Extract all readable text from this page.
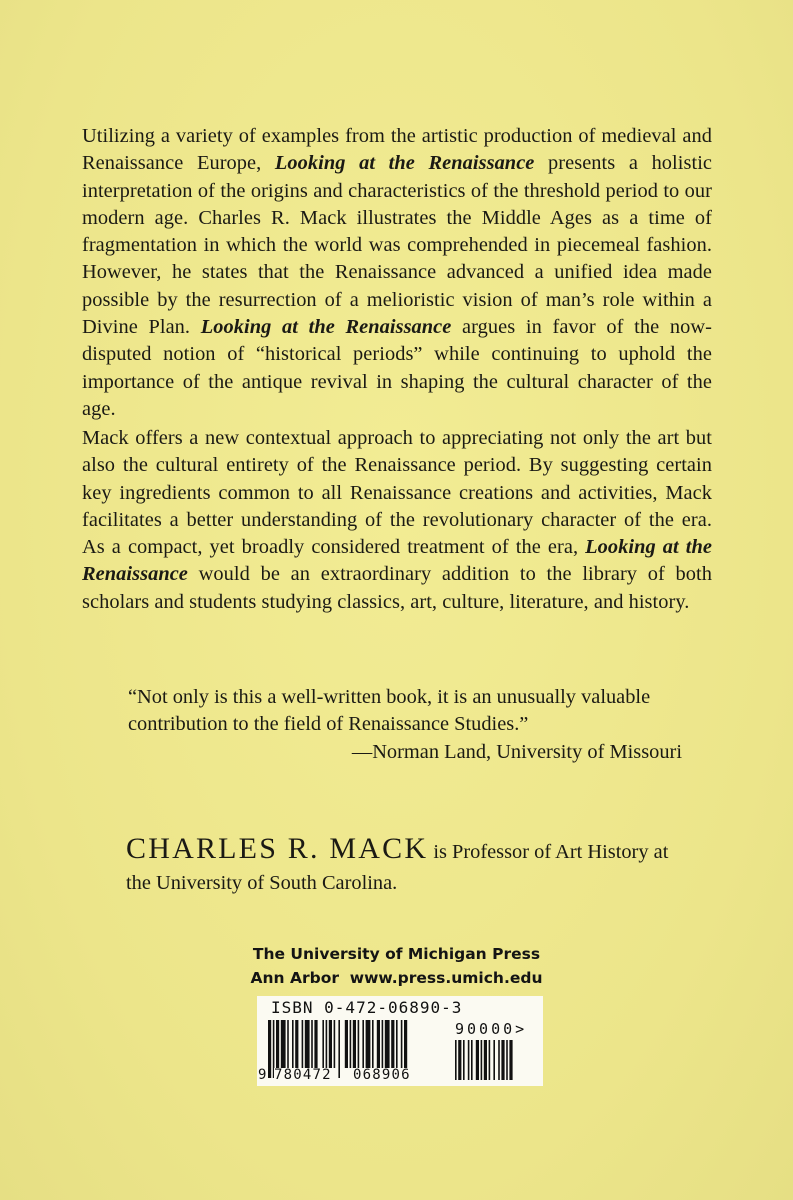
Utilizing a variety of examples from the artistic production of medieval and Renaissance Europe, Looking at the Renaissance presents a holistic interpretation of the origins and characteristics of the threshold period to our modern age. Charles R. Mack illustrates the Middle Ages as a time of fragmentation in which the world was comprehended in piecemeal fashion. However, he states that the Renaissance advanced a unified idea made possible by the resurrection of a melioristic vision of man’s role within a Divine Plan. Looking at the Renaissance argues in favor of the now-disputed notion of “historical periods” while continuing to uphold the importance of the antique revival in shaping the cultural character of the age.

Mack offers a new contextual approach to appreciating not only the art but also the cultural entirety of the Renaissance period. By suggesting certain key ingredients common to all Renaissance creations and activities, Mack facilitates a better understanding of the revolutionary character of the era. As a compact, yet broadly considered treatment of the era, Looking at the Renaissance would be an extraordinary addition to the library of both scholars and students studying classics, art, culture, literature, and history.

“Not only is this a well-written book, it is an unusually valuable
contribution to the field of Renaissance Studies.”
—Norman Land, University of Missouri
CHARLES R. MACK is Professor of Art History at
the University of South Carolina.
The University of Michigan Press
Ann Arbor www.press.umich.edu
ISBN 0-472-06890-3
9 780472 068906
90000>
